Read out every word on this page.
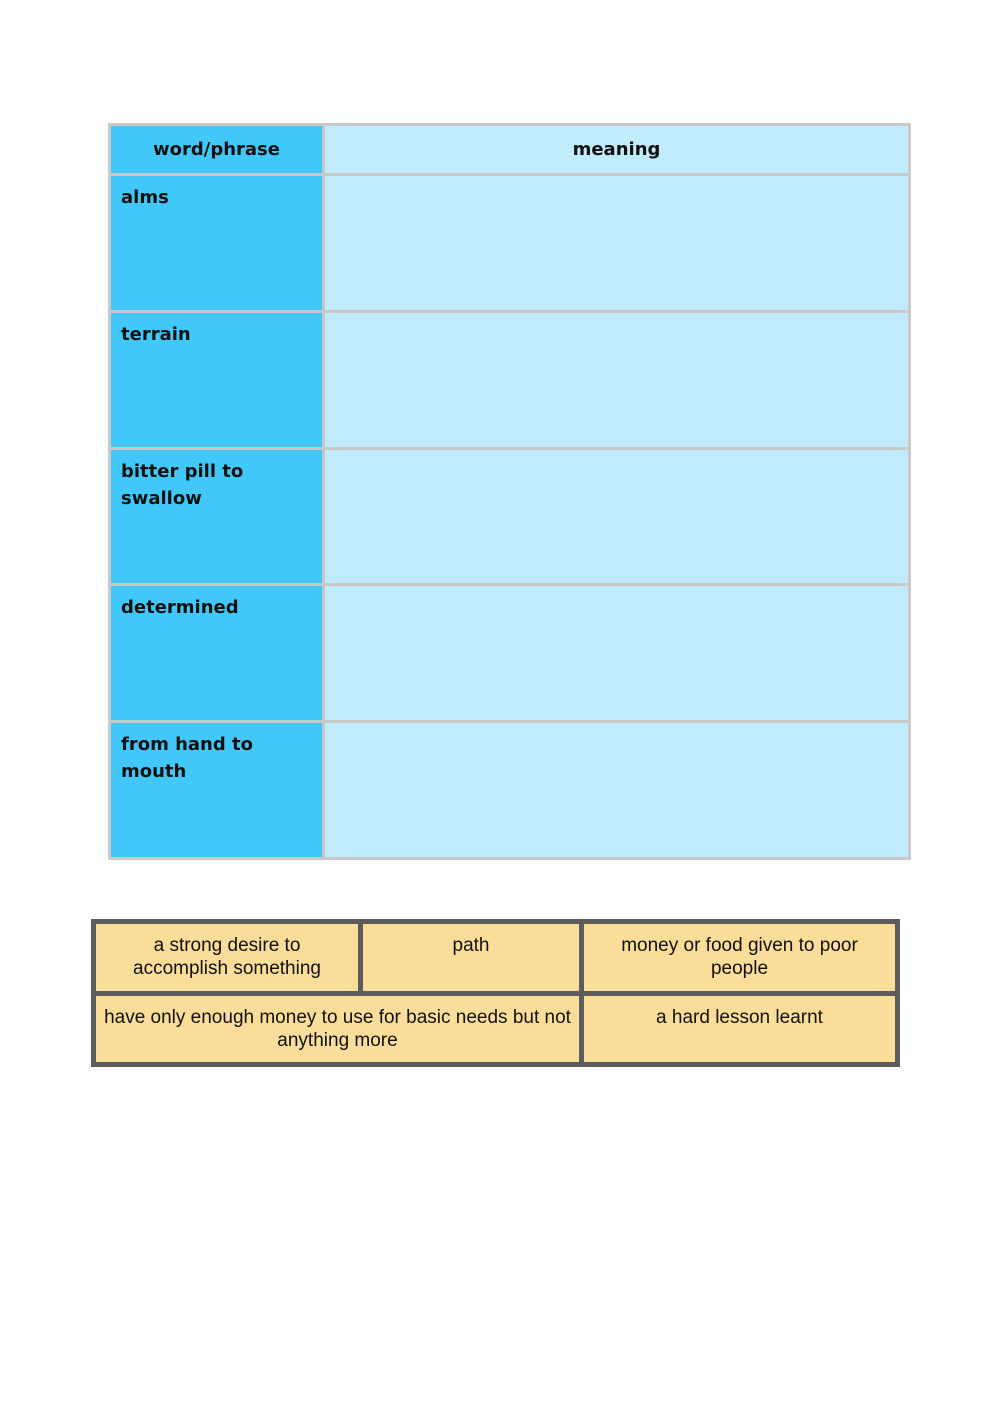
word/phrase	meaning
alms
terrain
bitter pill to swallow
determined
from hand to mouth
a strong desire to accomplish something
path	money or food given to poor people
have only enough money to use for basic needs but not anything more
a hard lesson learnt
